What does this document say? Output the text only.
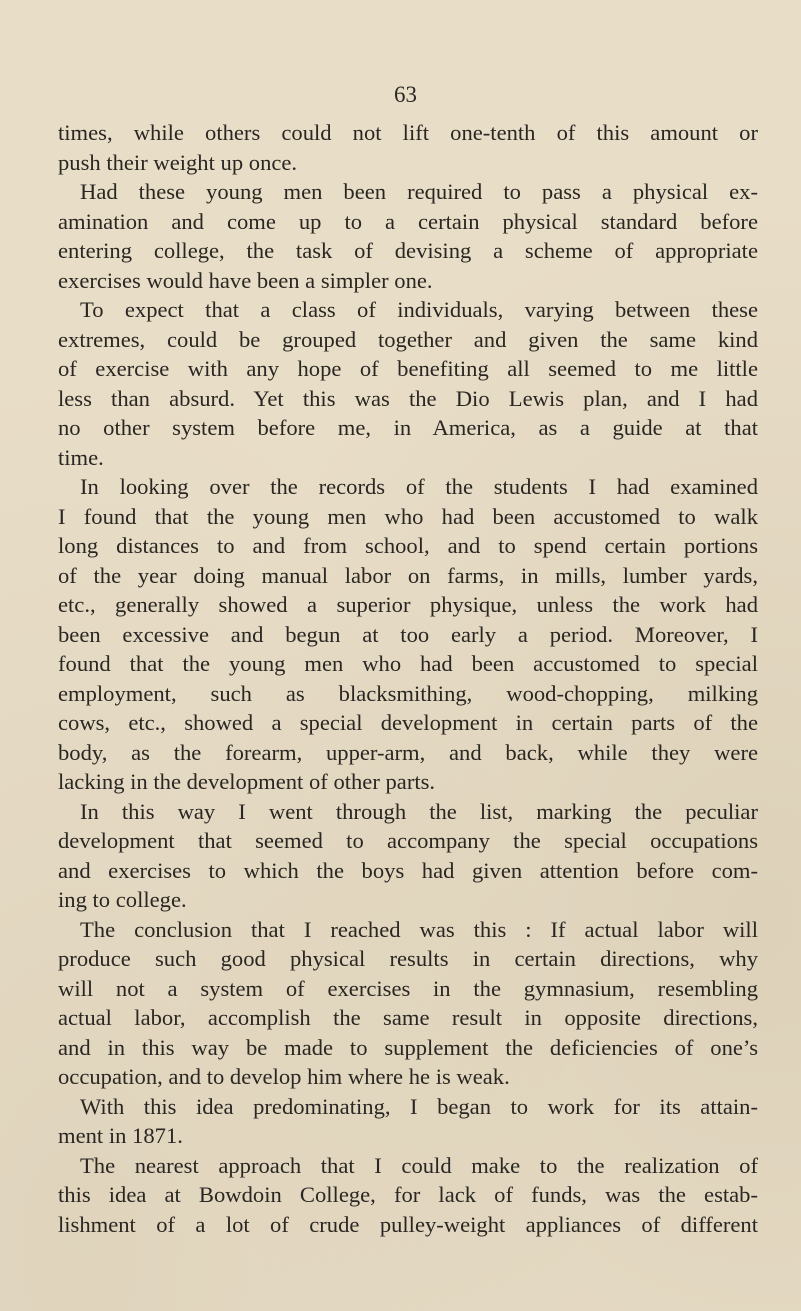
63

times, while others could not lift one-tenth of this amount or
push their weight up once.
Had these young men been required to pass a physical ex-
amination and come up to a certain physical standard before
entering college, the task of devising a scheme of appropriate
exercises would have been a simpler one.
To expect that a class of individuals, varying between these
extremes, could be grouped together and given the same kind
of exercise with any hope of benefiting all seemed to me little
less than absurd. Yet this was the Dio Lewis plan, and I had
no other system before me, in America, as a guide at that
time.
In looking over the records of the students I had examined
I found that the young men who had been accustomed to walk
long distances to and from school, and to spend certain portions
of the year doing manual labor on farms, in mills, lumber yards,
etc., generally showed a superior physique, unless the work had
been excessive and begun at too early a period. Moreover, I
found that the young men who had been accustomed to special
employment, such as blacksmithing, wood-chopping, milking
cows, etc., showed a special development in certain parts of the
body, as the forearm, upper-arm, and back, while they were
lacking in the development of other parts.
In this way I went through the list, marking the peculiar
development that seemed to accompany the special occupations
and exercises to which the boys had given attention before com-
ing to college.
The conclusion that I reached was this : If actual labor will
produce such good physical results in certain directions, why
will not a system of exercises in the gymnasium, resembling
actual labor, accomplish the same result in opposite directions,
and in this way be made to supplement the deficiencies of one’s
occupation, and to develop him where he is weak.
With this idea predominating, I began to work for its attain-
ment in 1871.
The nearest approach that I could make to the realization of
this idea at Bowdoin College, for lack of funds, was the estab-
lishment of a lot of crude pulley-weight appliances of different
